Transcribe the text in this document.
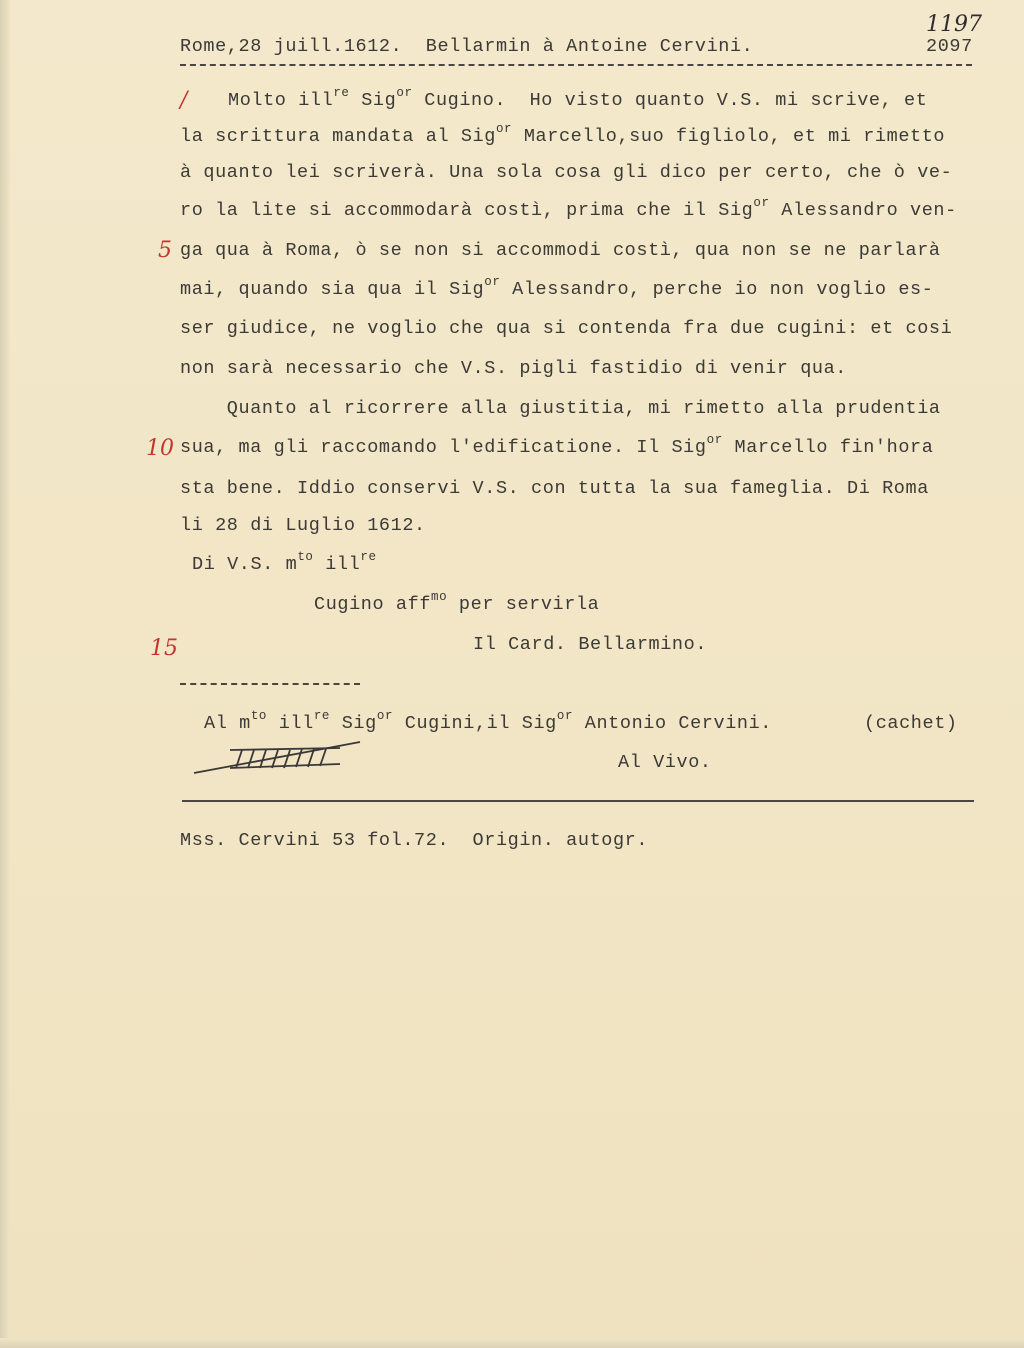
Rome,28 juill.1612.  Bellarmin à Antoine Cervini.
1197
2097
/
5
10
15
Molto ill$^{re}$ Sig$^{or}$ Cugino.  Ho visto quanto V.S. mi scrive, et
la scrittura mandata al Sig$^{or}$ Marcello,suo figliolo, et mi rimetto
à quanto lei scriverà. Una sola cosa gli dico per certo, che ò ve-
ro la lite si accommodarà costì, prima che il Sig$^{or}$ Alessandro ven-
ga qua à Roma, ò se non si accommodi costì, qua non se ne parlarà
mai, quando sia qua il Sig$^{or}$ Alessandro, perche io non voglio es-
ser giudice, ne voglio che qua si contenda fra due cugini: et cosi
non sarà necessario che V.S. pigli fastidio di venir qua.
Quanto al ricorrere alla giustitia, mi rimetto alla prudentia
sua, ma gli raccomando l'edificatione. Il Sig$^{or}$ Marcello fin'hora
sta bene. Iddio conservi V.S. con tutta la sua fameglia. Di Roma
li 28 di Luglio 1612.
Di V.S. $m^{to}$ ill$^{re}$
Cugino aff$^{mo}$ per servirla
Il Card. Bellarmino.
Al $m^{to}$ ill$^{re}$ Sig$^{or}$ Cugini,il Sig$^{or}$ Antonio Cervini.	(cachet)
Al Vivo.
Mss. Cervini 53 fol.72.  Origin. autogr.
